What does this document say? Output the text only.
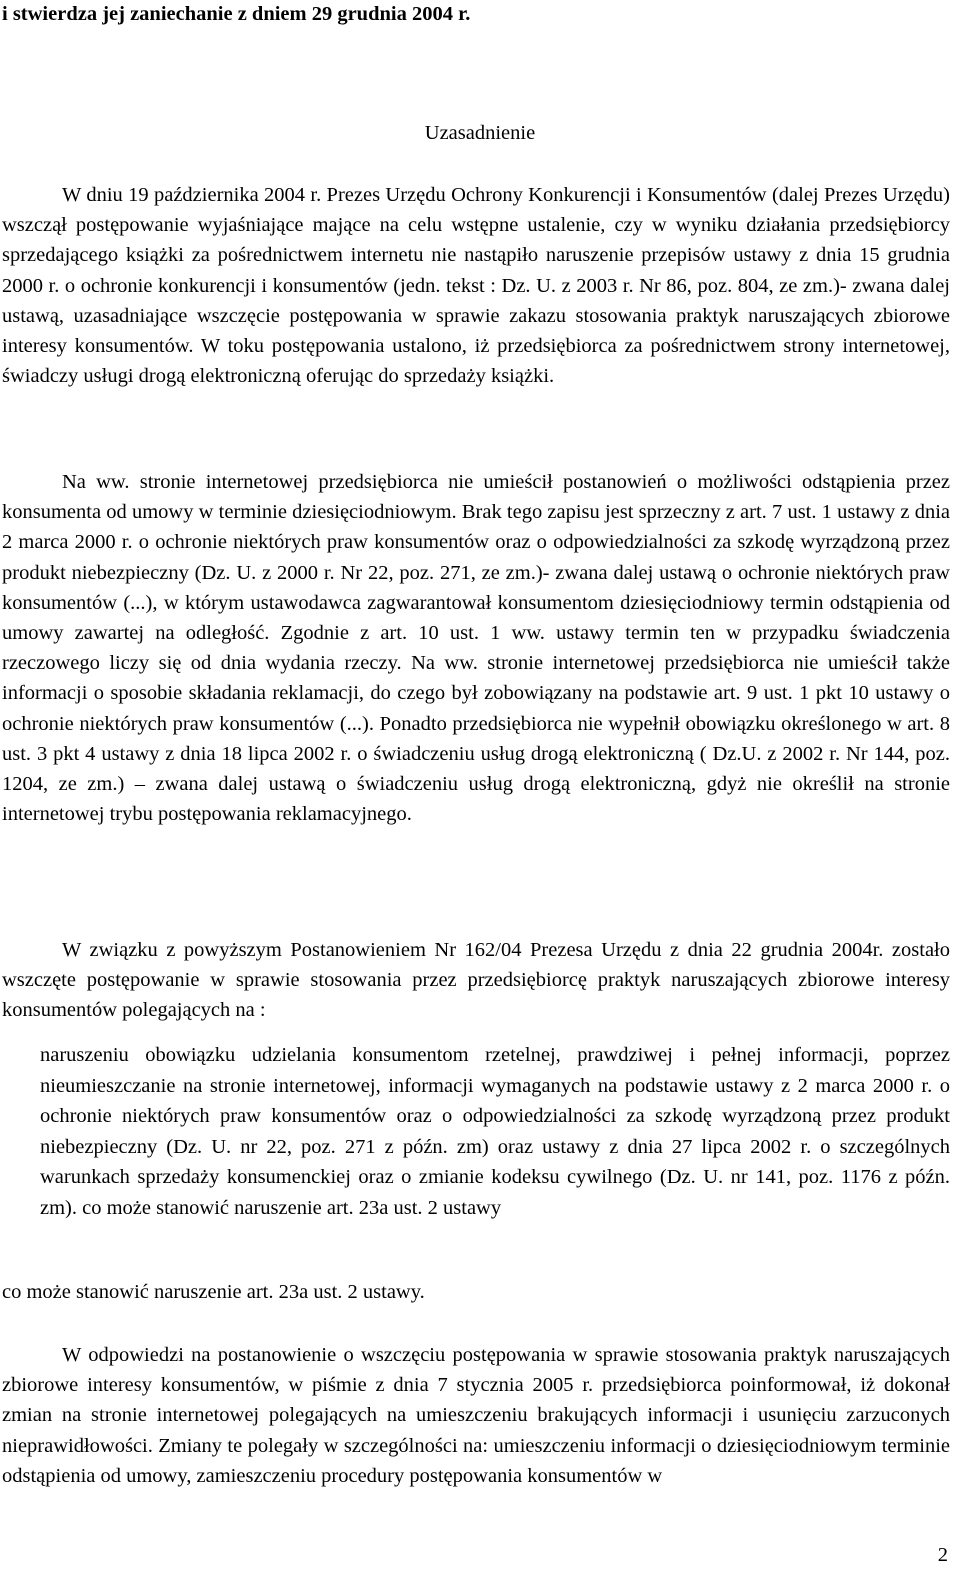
i stwierdza jej zaniechanie z dniem 29 grudnia 2004 r.
Uzasadnienie

W dniu 19 października 2004 r. Prezes Urzędu Ochrony Konkurencji i Konsumentów (dalej Prezes Urzędu) wszczął postępowanie wyjaśniające mające na celu wstępne ustalenie, czy w wyniku działania przedsiębiorcy sprzedającego książki za pośrednictwem internetu nie nastąpiło naruszenie przepisów ustawy z dnia 15 grudnia 2000 r. o ochronie konkurencji i konsumentów (jedn. tekst : Dz. U. z 2003 r. Nr 86, poz. 804, ze zm.)- zwana dalej ustawą, uzasadniające wszczęcie postępowania w sprawie zakazu stosowania praktyk naruszających zbiorowe interesy konsumentów. W toku postępowania ustalono, iż przedsiębiorca za pośrednictwem strony internetowej, świadczy usługi drogą elektroniczną oferując do sprzedaży książki.

Na ww. stronie internetowej przedsiębiorca nie umieścił postanowień o możliwości odstąpienia przez konsumenta od umowy w terminie dziesięciodniowym. Brak tego zapisu jest sprzeczny z art. 7 ust. 1 ustawy z dnia 2 marca 2000 r. o ochronie niektórych praw konsumentów oraz o odpowiedzialności za szkodę wyrządzoną przez produkt niebezpieczny (Dz. U. z 2000 r. Nr 22, poz. 271, ze zm.)- zwana dalej ustawą o ochronie niektórych praw konsumentów (...), w którym ustawodawca zagwarantował konsumentom dziesięciodniowy termin odstąpienia od umowy zawartej na odległość. Zgodnie z art. 10 ust. 1 ww. ustawy termin ten w przypadku świadczenia rzeczowego liczy się od dnia wydania rzeczy. Na ww. stronie internetowej przedsiębiorca nie umieścił także informacji o sposobie składania reklamacji, do czego był zobowiązany na podstawie art. 9 ust. 1 pkt 10 ustawy o ochronie niektórych praw konsumentów (...). Ponadto przedsiębiorca nie wypełnił obowiązku określonego w art. 8 ust. 3 pkt 4 ustawy z dnia 18 lipca 2002 r. o świadczeniu usług drogą elektroniczną ( Dz.U. z 2002 r. Nr 144, poz. 1204, ze zm.) – zwana dalej ustawą o świadczeniu usług drogą elektroniczną, gdyż nie określił na stronie internetowej trybu postępowania reklamacyjnego.

W związku z powyższym Postanowieniem Nr 162/04 Prezesa Urzędu z dnia 22 grudnia 2004r. zostało wszczęte postępowanie w sprawie stosowania przez przedsiębiorcę praktyk naruszających zbiorowe interesy konsumentów polegających na :

naruszeniu obowiązku udzielania konsumentom rzetelnej, prawdziwej i pełnej informacji, poprzez nieumieszczanie na stronie internetowej, informacji wymaganych na podstawie ustawy z 2 marca 2000 r. o ochronie niektórych praw konsumentów oraz o odpowiedzialności za szkodę wyrządzoną przez produkt niebezpieczny (Dz. U. nr 22, poz. 271 z późn. zm) oraz ustawy z dnia 27 lipca 2002 r. o szczególnych warunkach sprzedaży konsumenckiej oraz o zmianie kodeksu cywilnego (Dz. U. nr 141, poz. 1176 z późn. zm). co może stanowić naruszenie art. 23a ust. 2 ustawy

co może stanowić naruszenie art. 23a ust. 2 ustawy.

W odpowiedzi na postanowienie o wszczęciu postępowania w sprawie stosowania praktyk naruszających zbiorowe interesy konsumentów, w piśmie z dnia 7 stycznia 2005 r. przedsiębiorca poinformował, iż dokonał zmian na stronie internetowej polegających na umieszczeniu brakujących informacji i usunięciu zarzuconych nieprawidłowości. Zmiany te polegały w szczególności na: umieszczeniu informacji o dziesięciodniowym terminie odstąpienia od umowy, zamieszczeniu procedury postępowania konsumentów w

2
